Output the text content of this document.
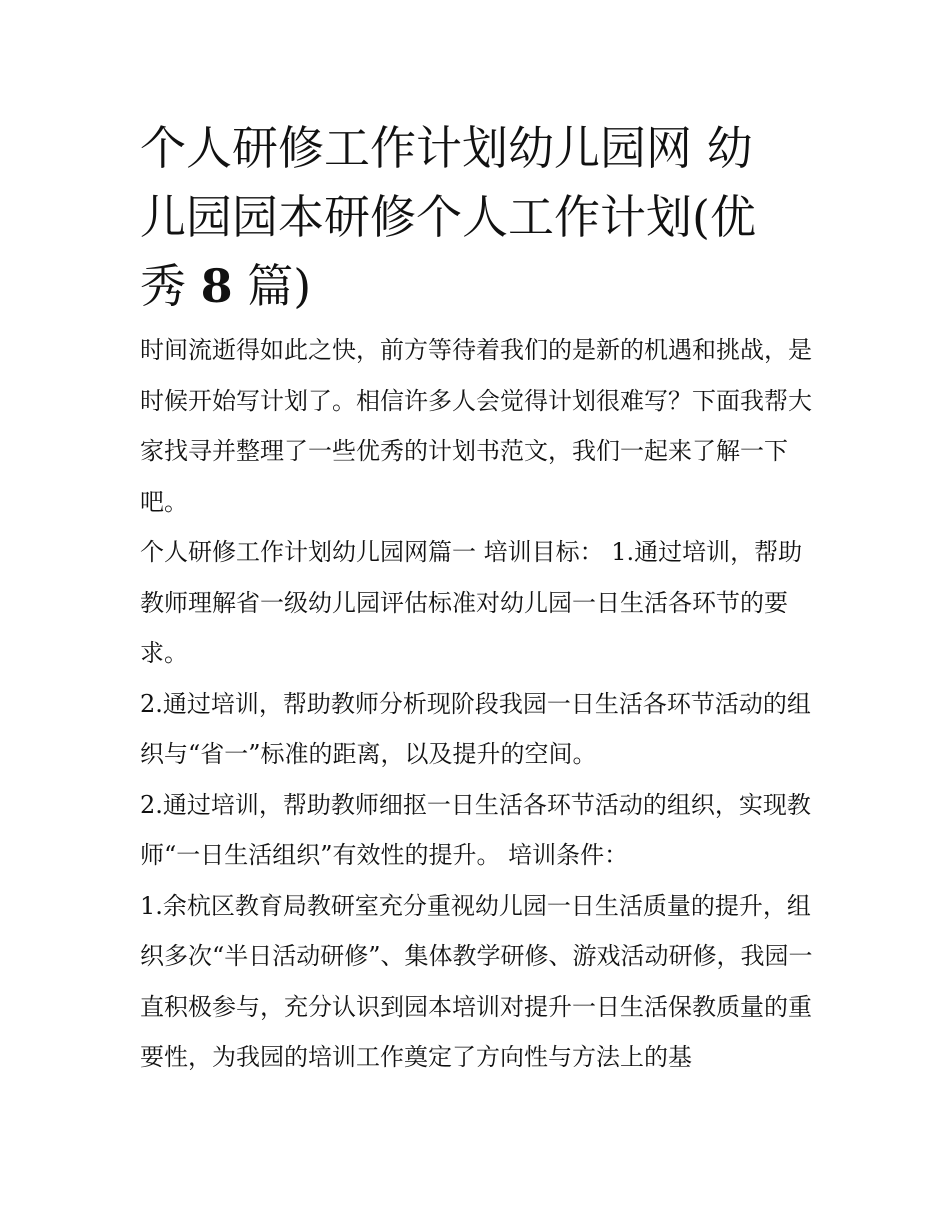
个人研修工作计划幼儿园网 幼
儿园园本研修个人工作计划(优
秀 8 篇)

时间流逝得如此之快，前方等待着我们的是新的机遇和挑战，是时候开始写计划了。相信许多人会觉得计划很难写？下面我帮大家找寻并整理了一些优秀的计划书范文，我们一起来了解一下吧。

个人研修工作计划幼儿园网篇一 培训目标： 1.通过培训，帮助教师理解省一级幼儿园评估标准对幼儿园一日生活各环节的要求。

2.通过培训，帮助教师分析现阶段我园一日生活各环节活动的组织与“省一”标准的距离，以及提升的空间。

2.通过培训，帮助教师细抠一日生活各环节活动的组织，实现教师“一日生活组织”有效性的提升。 培训条件：

1.余杭区教育局教研室充分重视幼儿园一日生活质量的提升，组织多次“半日活动研修”、集体教学研修、游戏活动研修，我园一直积极参与，充分认识到园本培训对提升一日生活保教质量的重要性，为我园的培训工作奠定了方向性与方法上的基
